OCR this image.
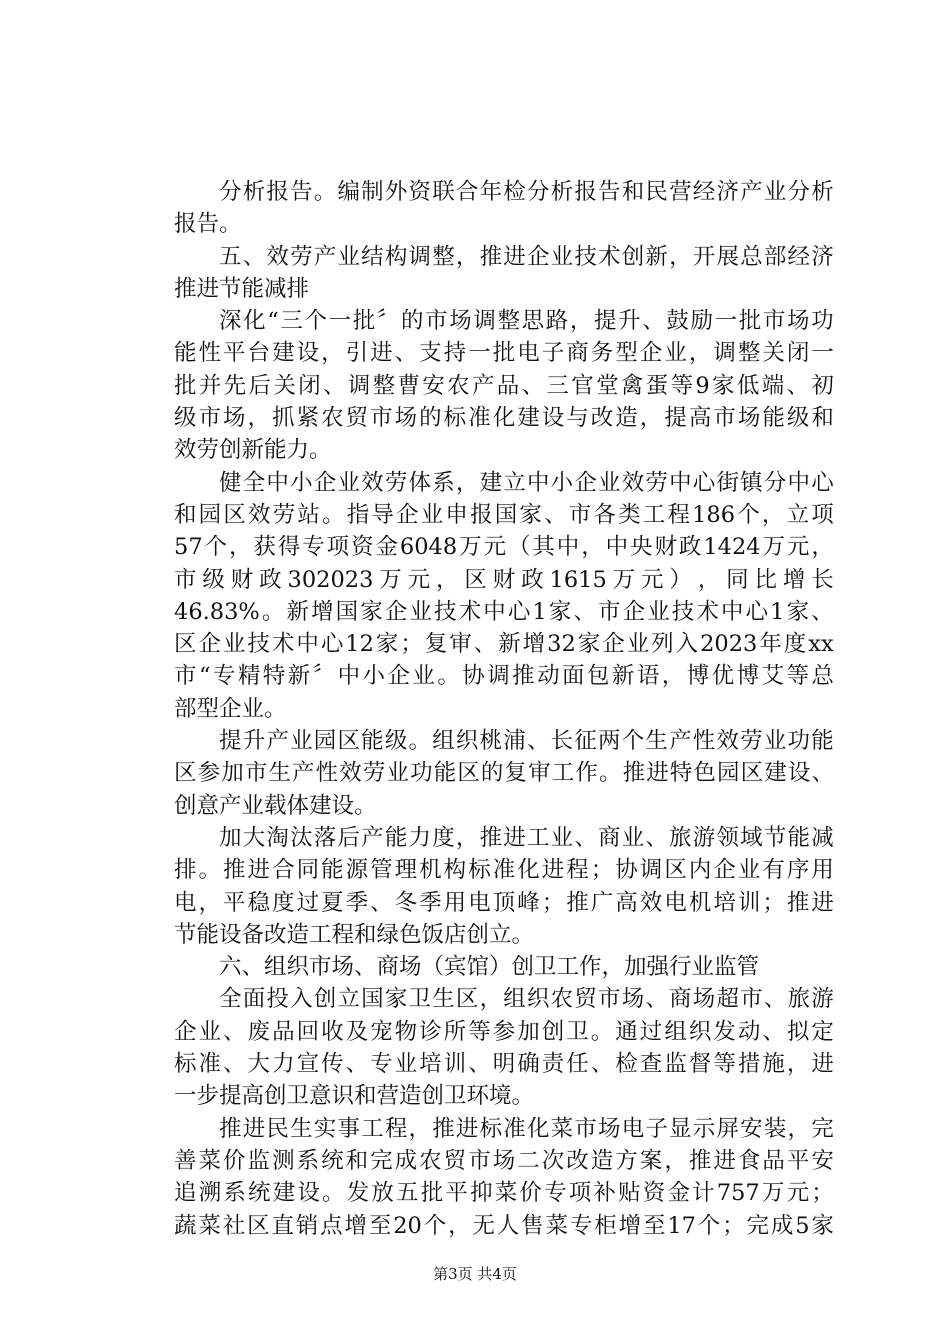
分 析 报 告 。 编 制 外 资 联 合 年 检 分 析 报 告 和 民 营 经 济 产 业 分 析
报告。
五 、 效 劳 产 业 结 构 调 整 ， 推 进 企 业 技 术 创 新 ， 开 展 总 部 经 济
推进节能减排
深 化 “ 三 个 一 批 〞 的 市 场 调 整 思 路 ， 提 升 、 鼓 励 一 批 市 场 功
能 性 平 台 建 设 ， 引 进 、 支 持 一 批 电 子 商 务 型 企 业 ， 调 整 关 闭 一
批 并 先 后 关 闭 、 调 整 曹 安 农 产 品 、 三 官 堂 禽 蛋 等 9 家 低 端 、 初
级 市 场 ， 抓 紧 农 贸 市 场 的 标 准 化 建 设 与 改 造 ， 提 高 市 场 能 级 和
效劳创新能力。
健 全 中 小 企 业 效 劳 体 系 ， 建 立 中 小 企 业 效 劳 中 心 街 镇 分 中 心
和 园 区 效 劳 站 。 指 导 企 业 申 报 国 家 、 市 各 类 工 程 186 个 ， 立 项
57 个 ， 获 得 专 项 资 金 6048 万 元 （ 其 中 ， 中 央 财 政 1424 万 元 ，
市 级 财 政 302023 万 元 ， 区 财 政 1615 万 元 ） ， 同 比 增 长
46.83% 。 新 增 国 家 企 业 技 术 中 心 1 家 、 市 企 业 技 术 中 心 1 家 、
区 企 业 技 术 中 心 12 家 ； 复 审 、 新 增 32 家 企 业 列 入 2023 年 度 xx
市 “ 专 精 特 新 〞 中 小 企 业 。 协 调 推 动 面 包 新 语 ， 博 优 博 艾 等 总
部型企业。
提 升 产 业 园 区 能 级 。 组 织 桃 浦 、 长 征 两 个 生 产 性 效 劳 业 功 能
区 参 加 市 生 产 性 效 劳 业 功 能 区 的 复 审 工 作 。 推 进 特 色 园 区 建 设 、
创意产业载体建设。
加 大 淘 汰 落 后 产 能 力 度 ， 推 进 工 业 、 商 业 、 旅 游 领 域 节 能 减
排 。 推 进 合 同 能 源 管 理 机 构 标 准 化 进 程 ； 协 调 区 内 企 业 有 序 用
电 ， 平 稳 度 过 夏 季 、 冬 季 用 电 顶 峰 ； 推 广 高 效 电 机 培 训 ； 推 进
节能设备改造工程和绿色饭店创立。
六、组织市场、商场（宾馆）创卫工作，加强行业监管
全 面 投 入 创 立 国 家 卫 生 区 ， 组 织 农 贸 市 场 、 商 场 超 市 、 旅 游
企 业 、 废 品 回 收 及 宠 物 诊 所 等 参 加 创 卫 。 通 过 组 织 发 动 、 拟 定
标 准 、 大 力 宣 传 、 专 业 培 训 、 明 确 责 任 、 检 查 监 督 等 措 施 ， 进
一步提高创卫意识和营造创卫环境。
推 进 民 生 实 事 工 程 ， 推 进 标 准 化 菜 市 场 电 子 显 示 屏 安 装 ， 完
善 菜 价 监 测 系 统 和 完 成 农 贸 市 场 二 次 改 造 方 案 ， 推 进 食 品 平 安
追 溯 系 统 建 设 。 发 放 五 批 平 抑 菜 价 专 项 补 贴 资 金 计 757 万 元 ；
蔬 菜 社 区 直 销 点 增 至 20 个 ， 无 人 售 菜 专 柜 增 至 17 个 ； 完 成 5 家
第3页 共4页
